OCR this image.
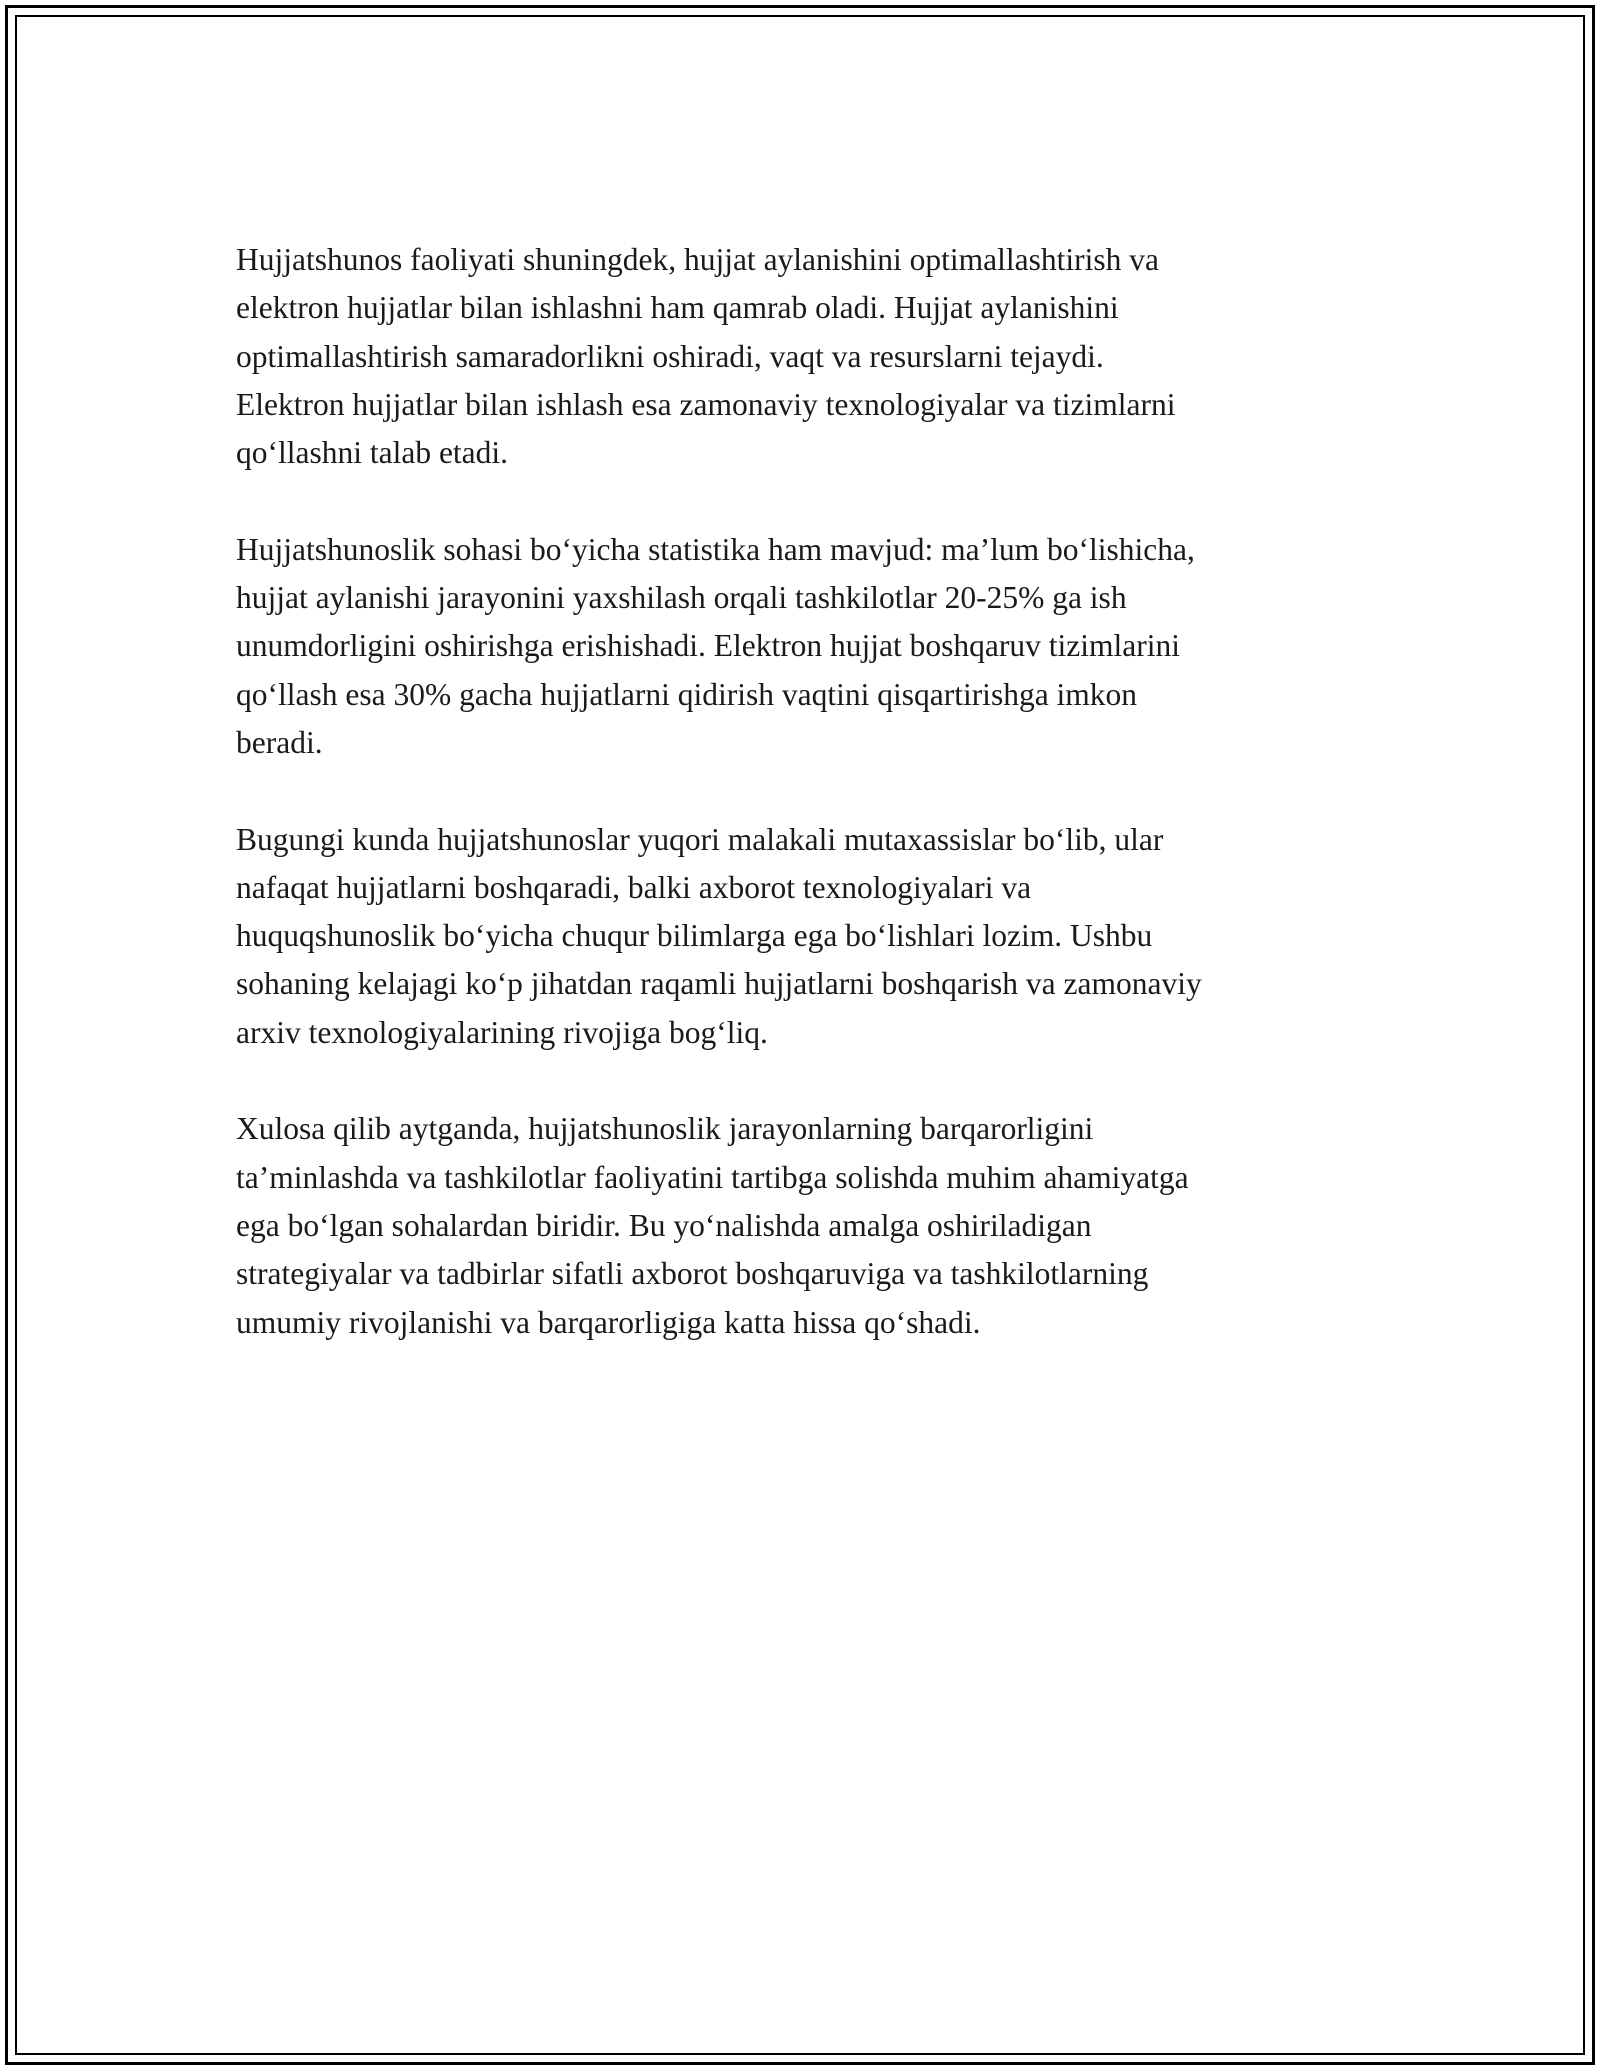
Hujjatshunos faoliyati shuningdek, hujjat aylanishini optimallashtirish va
elektron hujjatlar bilan ishlashni ham qamrab oladi. Hujjat aylanishini
optimallashtirish samaradorlikni oshiradi, vaqt va resurslarni tejaydi.
Elektron hujjatlar bilan ishlash esa zamonaviy texnologiyalar va tizimlarni
qo‘llashni talab etadi.

Hujjatshunoslik sohasi bo‘yicha statistika ham mavjud: ma’lum bo‘lishicha,
hujjat aylanishi jarayonini yaxshilash orqali tashkilotlar 20-25% ga ish
unumdorligini oshirishga erishishadi. Elektron hujjat boshqaruv tizimlarini
qo‘llash esa 30% gacha hujjatlarni qidirish vaqtini qisqartirishga imkon
beradi.

Bugungi kunda hujjatshunoslar yuqori malakali mutaxassislar bo‘lib, ular
nafaqat hujjatlarni boshqaradi, balki axborot texnologiyalari va
huquqshunoslik bo‘yicha chuqur bilimlarga ega bo‘lishlari lozim. Ushbu
sohaning kelajagi ko‘p jihatdan raqamli hujjatlarni boshqarish va zamonaviy
arxiv texnologiyalarining rivojiga bog‘liq.

Xulosa qilib aytganda, hujjatshunoslik jarayonlarning barqarorligini
ta’minlashda va tashkilotlar faoliyatini tartibga solishda muhim ahamiyatga
ega bo‘lgan sohalardan biridir. Bu yo‘nalishda amalga oshiriladigan
strategiyalar va tadbirlar sifatli axborot boshqaruviga va tashkilotlarning
umumiy rivojlanishi va barqarorligiga katta hissa qo‘shadi.
